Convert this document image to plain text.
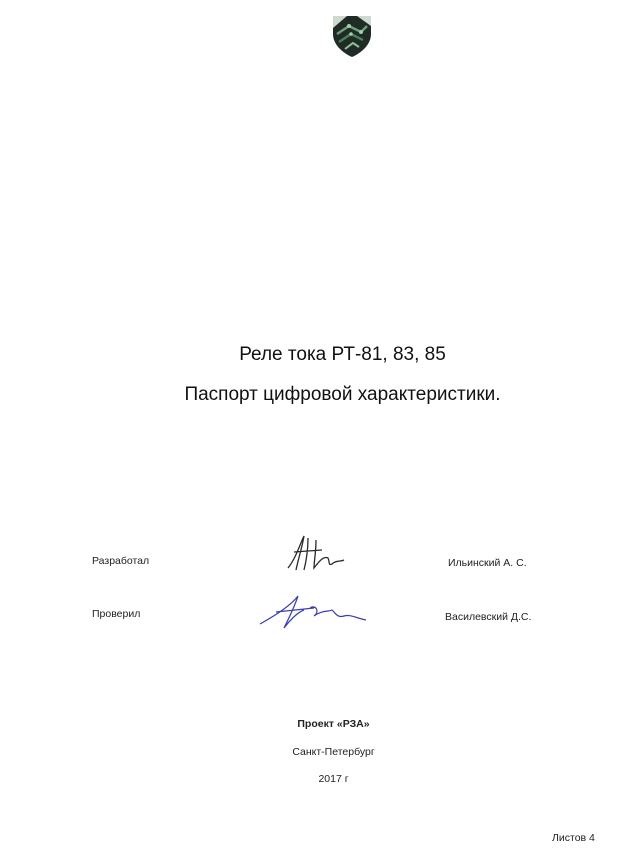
Реле тока РТ-81, 83, 85
Паспорт цифровой характеристики.
Разработал	Ильинский А. С.
Проверил	Василевский Д.С.
Проект «РЗА»
Санкт-Петербург
2017 г
Листов 4
